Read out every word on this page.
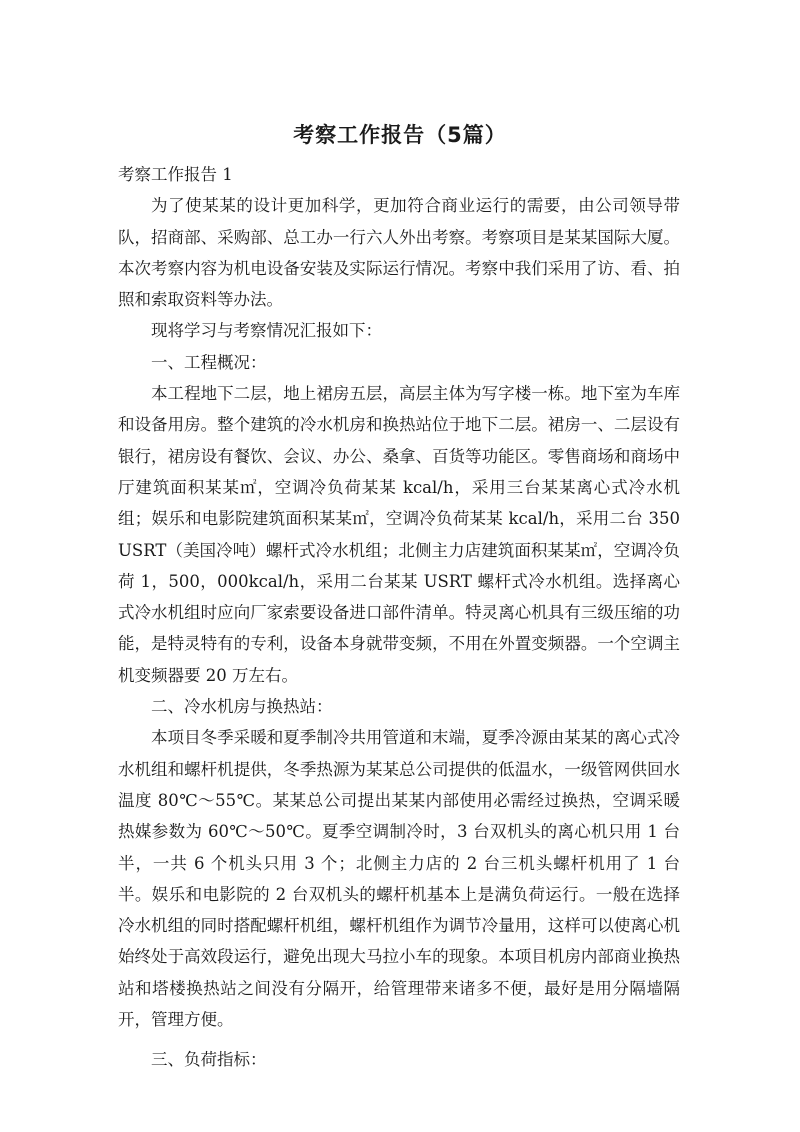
考察工作报告（5篇）

考察工作报告 1

为了使某某的设计更加科学，更加符合商业运行的需要，由公司领导带队，招商部、采购部、总工办一行六人外出考察。考察项目是某某国际大厦。本次考察内容为机电设备安装及实际运行情况。考察中我们采用了访、看、拍照和索取资料等办法。

现将学习与考察情况汇报如下：

一、工程概况：

本工程地下二层，地上裙房五层，高层主体为写字楼一栋。地下室为车库和设备用房。整个建筑的冷水机房和换热站位于地下二层。裙房一、二层设有银行，裙房设有餐饮、会议、办公、桑拿、百货等功能区。零售商场和商场中厅建筑面积某某㎡，空调冷负荷某某 kcal/h，采用三台某某离心式冷水机组；娱乐和电影院建筑面积某某㎡，空调冷负荷某某 kcal/h，采用二台 350USRT（美国冷吨）螺杆式冷水机组；北侧主力店建筑面积某某㎡，空调冷负荷 1，500，000kcal/h，采用二台某某 USRT 螺杆式冷水机组。选择离心式冷水机组时应向厂家索要设备进口部件清单。特灵离心机具有三级压缩的功能，是特灵特有的专利，设备本身就带变频，不用在外置变频器。一个空调主机变频器要 20 万左右。

二、冷水机房与换热站：

本项目冬季采暖和夏季制冷共用管道和末端，夏季冷源由某某的离心式冷水机组和螺杆机提供，冬季热源为某某总公司提供的低温水，一级管网供回水温度 80℃～55℃。某某总公司提出某某内部使用必需经过换热，空调采暖热媒参数为 60℃～50℃。夏季空调制冷时，3 台双机头的离心机只用 1 台半，一共 6 个机头只用 3 个；北侧主力店的 2 台三机头螺杆机用了 1 台半。娱乐和电影院的 2 台双机头的螺杆机基本上是满负荷运行。一般在选择冷水机组的同时搭配螺杆机组，螺杆机组作为调节冷量用，这样可以使离心机始终处于高效段运行，避免出现大马拉小车的现象。本项目机房内部商业换热站和塔楼换热站之间没有分隔开，给管理带来诸多不便，最好是用分隔墙隔开，管理方便。

三、负荷指标：
